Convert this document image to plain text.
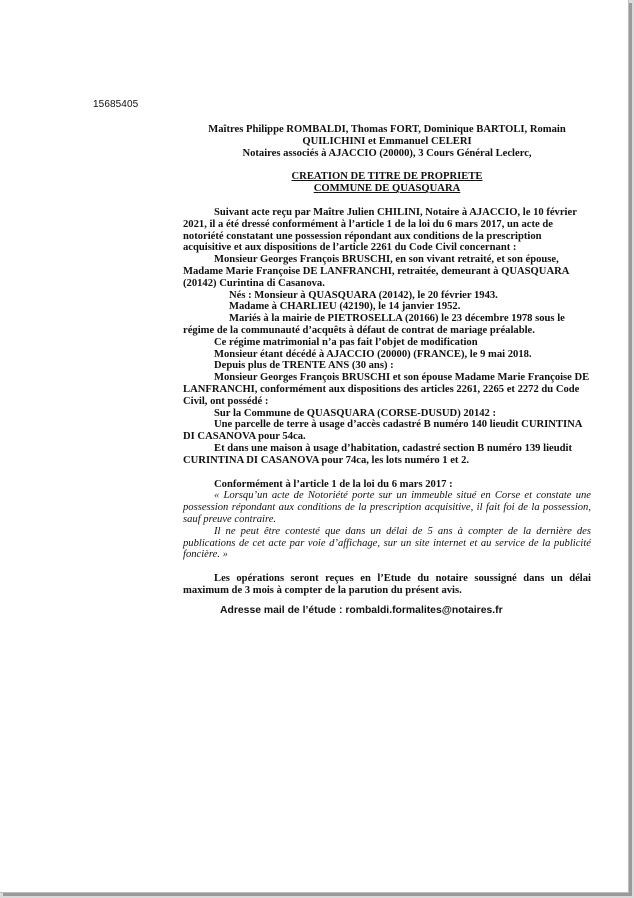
15685405
Maîtres Philippe ROMBALDI, Thomas FORT, Dominique BARTOLI, Romain QUILICHINI et Emmanuel CELERI
Notaires associés à AJACCIO (20000), 3 Cours Général Leclerc,
CREATION DE TITRE DE PROPRIETE
COMMUNE DE QUASQUARA

Suivant acte reçu par Maître Julien CHILINI, Notaire à AJACCIO, le 10 février 2021, il a été dressé conformément à l’article 1 de la loi du 6 mars 2017, un acte de notoriété constatant une possession répondant aux conditions de la prescription acquisitive et aux dispositions de l’article 2261 du Code Civil concernant :

Monsieur Georges François BRUSCHI, en son vivant retraité, et son épouse, Madame Marie Françoise DE LANFRANCHI, retraitée, demeurant à QUASQUARA (20142) Curintina di Casanova.

Nés : Monsieur à QUASQUARA (20142), le 20 février 1943.

Madame à CHARLIEU (42190), le 14 janvier 1952.

Mariés à la mairie de PIETROSELLA (20166) le 23 décembre 1978 sous le régime de la communauté d’acquêts à défaut de contrat de mariage préalable.

Ce régime matrimonial n’a pas fait l’objet de modification

Monsieur étant décédé à AJACCIO (20000) (FRANCE), le 9 mai 2018.

Depuis plus de TRENTE ANS (30 ans) :

Monsieur Georges François BRUSCHI et son épouse Madame Marie Françoise DE LANFRANCHI, conformément aux dispositions des articles 2261, 2265 et 2272 du Code Civil, ont possédé :

Sur la Commune de QUASQUARA (CORSE-DUSUD) 20142 :

Une parcelle de terre à usage d’accès cadastré B numéro 140 lieudit CURINTINA DI CASANOVA pour 54ca.

Et dans une maison à usage d’habitation, cadastré section B numéro 139 lieudit CURINTINA DI CASANOVA pour 74ca, les lots numéro 1 et 2.

Conformément à l’article 1 de la loi du 6 mars 2017 :

« Lorsqu’un acte de Notoriété porte sur un immeuble situé en Corse et constate une possession répondant aux conditions de la prescription acquisitive, il fait foi de la possession, sauf preuve contraire.

Il ne peut être contesté que dans un délai de 5 ans à compter de la dernière des publications de cet acte par voie d’affichage, sur un site internet et au service de la publicité foncière. »

Les opérations seront reçues en l’Etude du notaire soussigné dans un délai maximum de 3 mois à compter de la parution du présent avis.

Adresse mail de l’étude : rombaldi.formalites@notaires.fr
